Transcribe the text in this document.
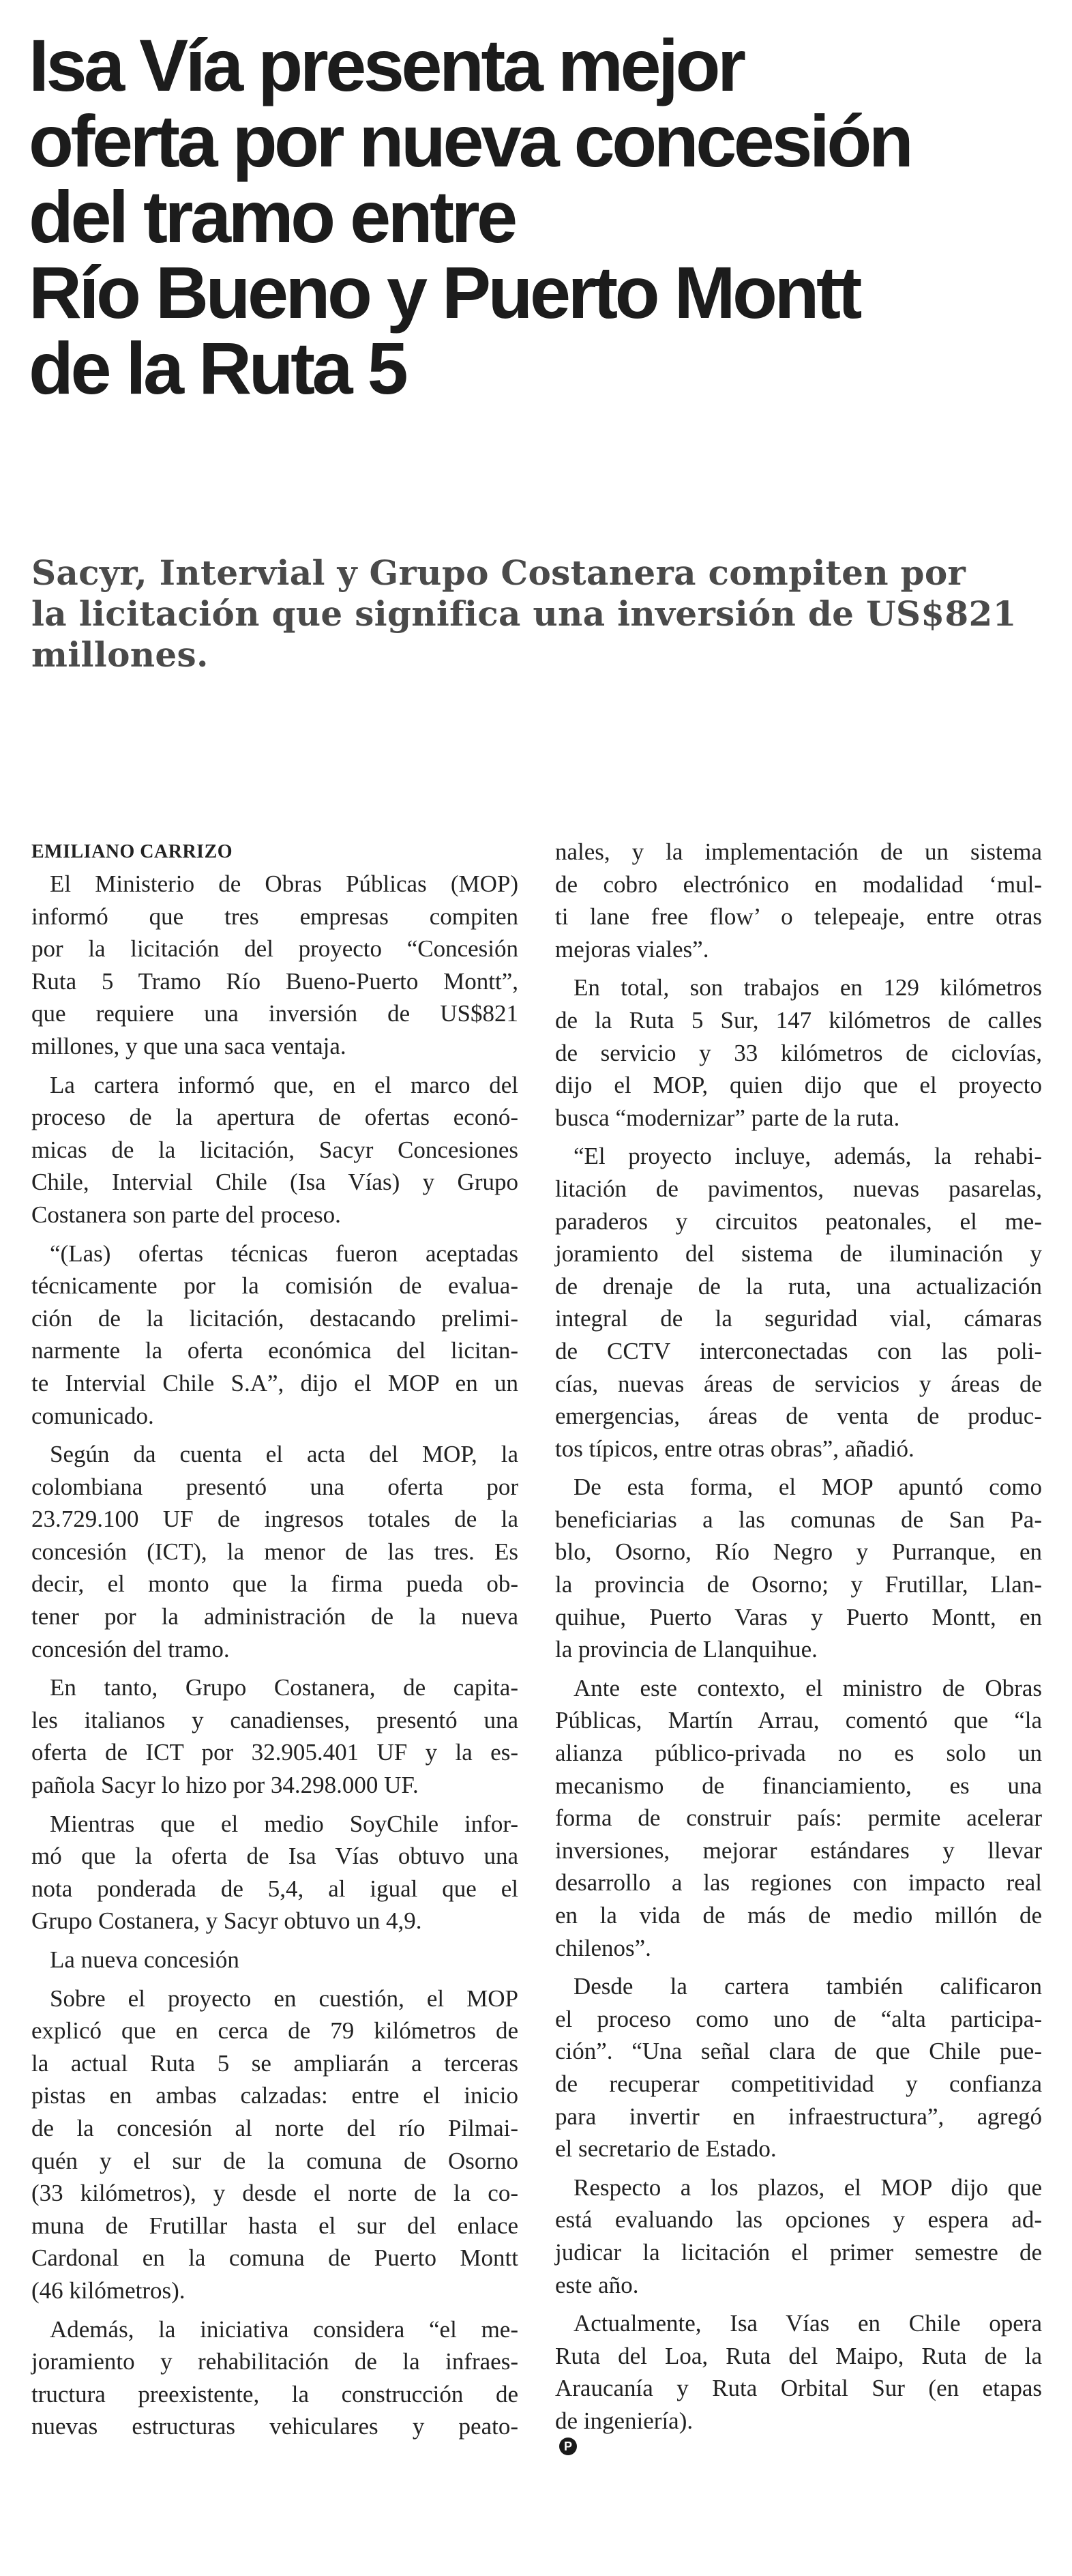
Isa Vía presenta mejor
oferta por nueva concesión
del tramo entre
Río Bueno y Puerto Montt
de la Ruta 5
Sacyr, Intervial y Grupo Costanera compiten por
la licitación que significa una inversión de US$821
millones.

EMILIANO CARRIZO

El Ministerio de Obras Públicas (MOP)
informó que tres empresas compiten
por la licitación del proyecto “Concesión
Ruta 5 Tramo Río Bueno-Puerto Montt”,
que requiere una inversión de US$821
millones, y que una saca ventaja.

La cartera informó que, en el marco del
proceso de la apertura de ofertas econó-
micas de la licitación, Sacyr Concesiones
Chile, Intervial Chile (Isa Vías) y Grupo
Costanera son parte del proceso.

“(Las) ofertas técnicas fueron aceptadas
técnicamente por la comisión de evalua-
ción de la licitación, destacando prelimi-
narmente la oferta económica del licitan-
te Intervial Chile S.A”, dijo el MOP en un
comunicado.

Según da cuenta el acta del MOP, la
colombiana presentó una oferta por
23.729.100 UF de ingresos totales de la
concesión (ICT), la menor de las tres. Es
decir, el monto que la firma pueda ob-
tener por la administración de la nueva
concesión del tramo.

En tanto, Grupo Costanera, de capita-
les italianos y canadienses, presentó una
oferta de ICT por 32.905.401 UF y la es-
pañola Sacyr lo hizo por 34.298.000 UF.

Mientras que el medio SoyChile infor-
mó que la oferta de Isa Vías obtuvo una
nota ponderada de 5,4, al igual que el
Grupo Costanera, y Sacyr obtuvo un 4,9.

La nueva concesión

Sobre el proyecto en cuestión, el MOP
explicó que en cerca de 79 kilómetros de
la actual Ruta 5 se ampliarán a terceras
pistas en ambas calzadas: entre el inicio
de la concesión al norte del río Pilmai-
quén y el sur de la comuna de Osorno
(33 kilómetros), y desde el norte de la co-
muna de Frutillar hasta el sur del enlace
Cardonal en la comuna de Puerto Montt
(46 kilómetros).

Además, la iniciativa considera “el me-
joramiento y rehabilitación de la infraes-
tructura preexistente, la construcción de
nuevas estructuras vehiculares y peato-

nales, y la implementación de un sistema
de cobro electrónico en modalidad ‘mul-
ti lane free flow’ o telepeaje, entre otras
mejoras viales”.

En total, son trabajos en 129 kilómetros
de la Ruta 5 Sur, 147 kilómetros de calles
de servicio y 33 kilómetros de ciclovías,
dijo el MOP, quien dijo que el proyecto
busca “modernizar” parte de la ruta.

“El proyecto incluye, además, la rehabi-
litación de pavimentos, nuevas pasarelas,
paraderos y circuitos peatonales, el me-
joramiento del sistema de iluminación y
de drenaje de la ruta, una actualización
integral de la seguridad vial, cámaras
de CCTV interconectadas con las poli-
cías, nuevas áreas de servicios y áreas de
emergencias, áreas de venta de produc-
tos típicos, entre otras obras”, añadió.

De esta forma, el MOP apuntó como
beneficiarias a las comunas de San Pa-
blo, Osorno, Río Negro y Purranque, en
la provincia de Osorno; y Frutillar, Llan-
quihue, Puerto Varas y Puerto Montt, en
la provincia de Llanquihue.

Ante este contexto, el ministro de Obras
Públicas, Martín Arrau, comentó que “la
alianza público-privada no es solo un
mecanismo de financiamiento, es una
forma de construir país: permite acelerar
inversiones, mejorar estándares y llevar
desarrollo a las regiones con impacto real
en la vida de más de medio millón de
chilenos”.

Desde la cartera también calificaron
el proceso como uno de “alta participa-
ción”. “Una señal clara de que Chile pue-
de recuperar competitividad y confianza
para invertir en infraestructura”, agregó
el secretario de Estado.

Respecto a los plazos, el MOP dijo que
está evaluando las opciones y espera ad-
judicar la licitación el primer semestre de
este año.

Actualmente, Isa Vías en Chile opera
Ruta del Loa, Ruta del Maipo, Ruta de la
Araucanía y Ruta Orbital Sur (en etapas
de ingeniería).
P
